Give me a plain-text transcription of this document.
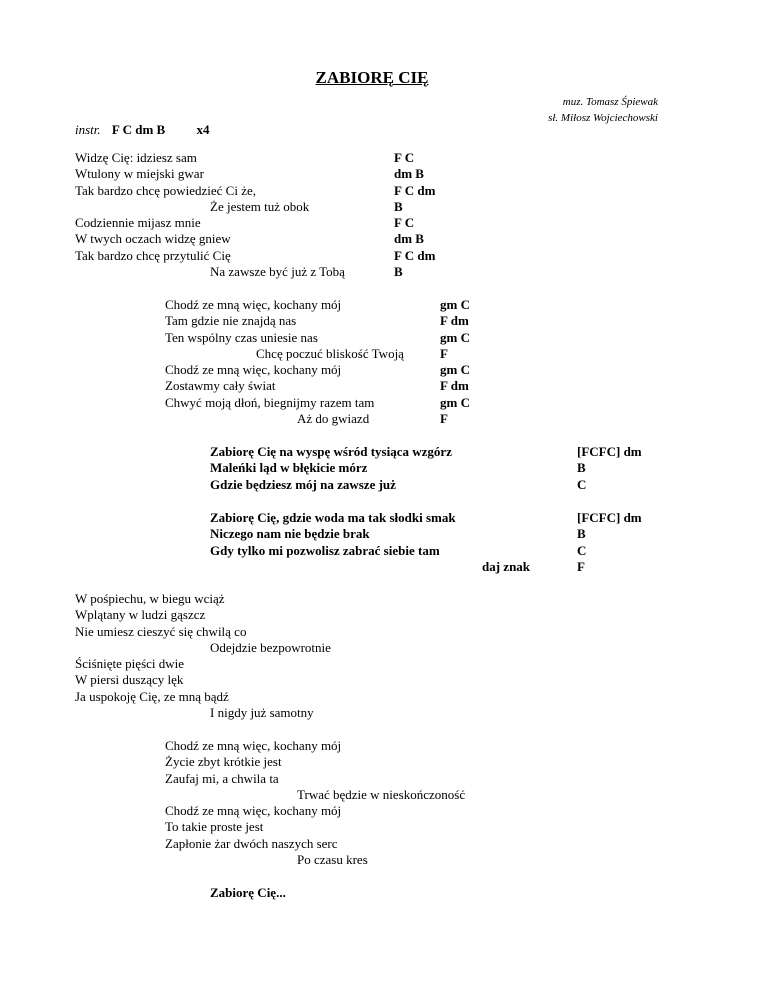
ZABIORĘ CIĘ
muz. Tomasz Śpiewak
sł. Miłosz Wojciechowski
instr. F C dm B x4
Widzę Cię: idziesz sam
Wtulony w miejski gwar
Tak bardzo chcę powiedzieć Ci że,
Że jestem tuż obok
Codziennie mijasz mnie
W twych oczach widzę gniew
Tak bardzo chcę przytulić Cię
Na zawsze być już z Tobą
F C
dm B
F C dm
B
F C
dm B
F C dm
B
Chodź ze mną więc, kochany mój
Tam gdzie nie znajdą nas
Ten wspólny czas uniesie nas
Chcę poczuć bliskość Twoją
Chodź ze mną więc, kochany mój
Zostawmy cały świat
Chwyć moją dłoń, biegnijmy razem tam
Aż do gwiazd
gm C
F dm
gm C
F
gm C
F dm
gm C
F
Zabiorę Cię na wyspę wśród tysiąca wzgórz
Maleńki ląd w błękicie mórz
Gdzie będziesz mój na zawsze już
[FCFC] dm
B
C
Zabiorę Cię, gdzie woda ma tak słodki smak
Niczego nam nie będzie brak
Gdy tylko mi pozwolisz zabrać siebie tam
daj znak
[FCFC] dm
B
C
F
W pośpiechu, w biegu wciąż
Wplątany w ludzi gąszcz
Nie umiesz cieszyć się chwilą co
Odejdzie bezpowrotnie
Ściśnięte pięści dwie
W piersi duszący lęk
Ja uspokoję Cię, ze mną bądź
I nigdy już samotny
Chodź ze mną więc, kochany mój
Życie zbyt krótkie jest
Zaufaj mi, a chwila ta
Trwać będzie w nieskończoność
Chodź ze mną więc, kochany mój
To takie proste jest
Zapłonie żar dwóch naszych serc
Po czasu kres
Zabiorę Cię...
